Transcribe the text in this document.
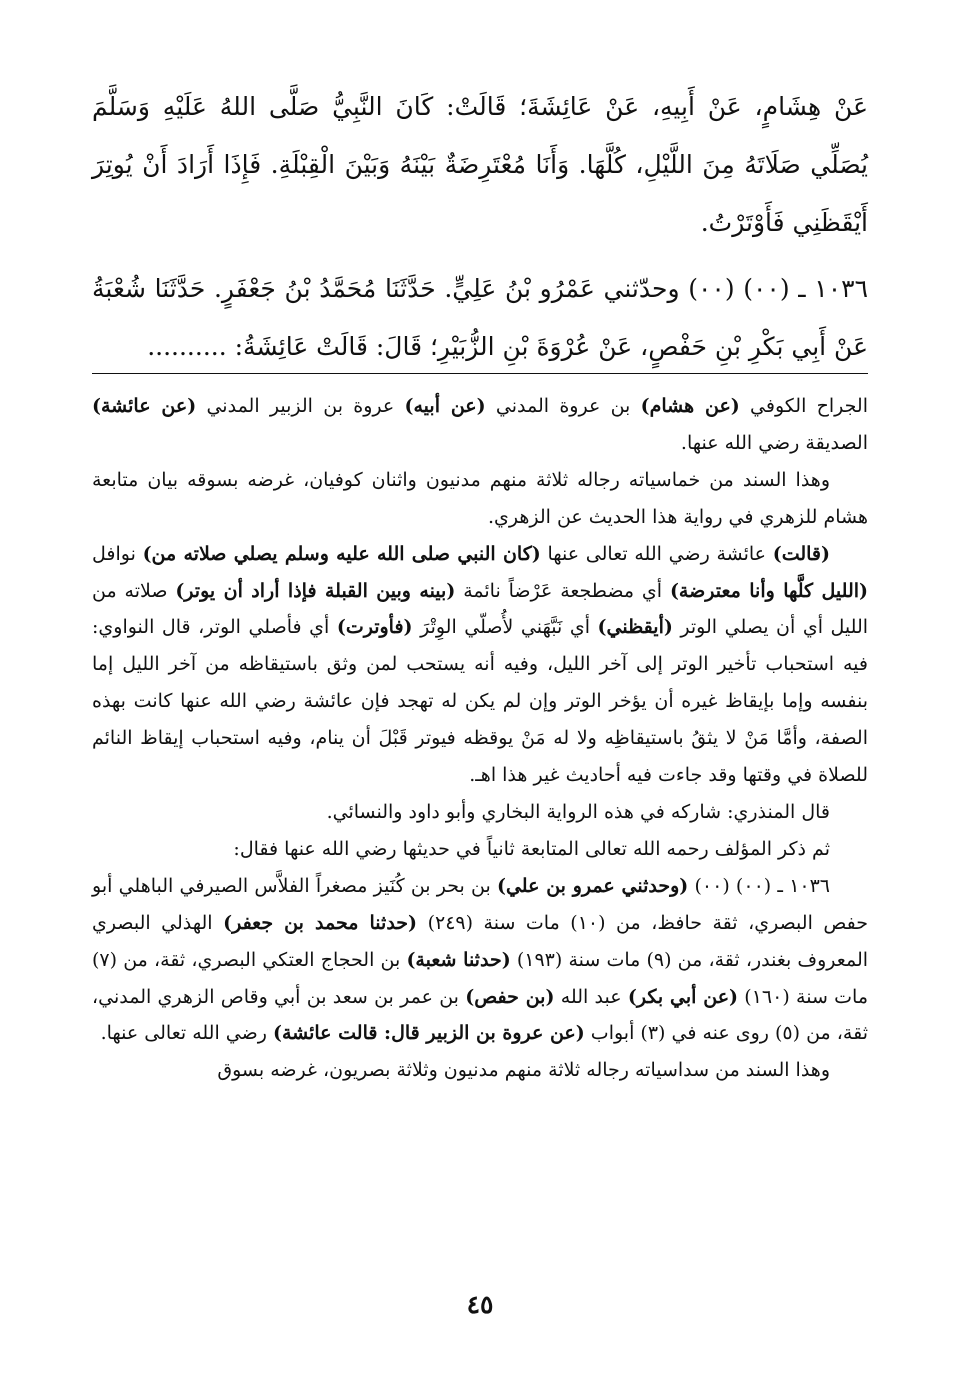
عَنْ هِشَامٍ، عَنْ أَبِيهِ، عَنْ عَائِشَةَ؛ قَالَتْ: كَانَ النَّبِيُّ صَلَّى اللهُ عَلَيْهِ وَسَلَّمَ يُصَلِّي صَلَاتَهُ مِنَ اللَّيْلِ، كُلَّهَا. وَأَنَا مُعْتَرِضَةٌ بَيْنَهُ وَبَيْنَ الْقِبْلَةِ. فَإِذَا أَرَادَ أَنْ يُوتِرَ أَيْقَظَنِي فَأَوْتَرْتُ.

١٠٣٦ ـ (٠٠) (٠٠) وحدّثني عَمْرُو بْنُ عَلِيٍّ. حَدَّثَنَا مُحَمَّدُ بْنُ جَعْفَرٍ. حَدَّثَنَا شُعْبَةُ عَنْ أَبِي بَكْرِ بْنِ حَفْصٍ، عَنْ عُرْوَةَ بْنِ الزُّبَيْرِ؛ قَالَ: قَالَتْ عَائِشَةُ: ..........

الجراح الكوفي (عن هشام) بن عروة المدني (عن أبيه) عروة بن الزبير المدني (عن عائشة) الصديقة رضي الله عنها.

وهذا السند من خماسياته رجاله ثلاثة منهم مدنيون واثنان كوفيان، غرضه بسوقه بيان متابعة هشام للزهري في رواية هذا الحديث عن الزهري.

(قالت) عائشة رضي الله تعالى عنها (كان النبي صلى الله عليه وسلم يصلي صلاته من) نوافل (الليل كلَّها وأنا معترضة) أي مضطجعة عَرْضاً نائمة (بينه وبين القبلة فإذا أراد أن يوتر) صلاته من الليل أي أن يصلي الوتر (أيقظني) أي نَبَّهَني لأُصلّي الوِتْرَ (فأوترت) أي فأصلي الوتر، قال النواوي: فيه استحباب تأخير الوتر إلى آخر الليل، وفيه أنه يستحب لمن وثق باستيقاظه من آخر الليل إما بنفسه وإما بإيقاظ غيره أن يؤخر الوتر وإن لم يكن له تهجد فإن عائشة رضي الله عنها كانت بهذه الصفة، وأمَّا مَنْ لا يثقُ باستيقاظِه ولا له مَنْ يوقظه فيوتر قَبْلَ أن ينام، وفيه استحباب إيقاظ النائم للصلاة في وقتها وقد جاءت فيه أحاديث غير هذا اهـ.

قال المنذري: شاركه في هذه الرواية البخاري وأبو داود والنسائي.

ثم ذكر المؤلف رحمه الله تعالى المتابعة ثانياً في حديثها رضي الله عنها فقال:

١٠٣٦ ـ (٠٠) (٠٠) (وحدثني عمرو بن علي) بن بحر بن كُنَيز مصغراً الفلاَّس الصيرفي الباهلي أبو حفص البصري، ثقة حافظ، من (١٠) مات سنة (٢٤٩) (حدثنا محمد بن جعفر) الهذلي البصري المعروف بغندر، ثقة، من (٩) مات سنة (١٩٣) (حدثنا شعبة) بن الحجاج العتكي البصري، ثقة، من (٧) مات سنة (١٦٠) (عن أبي بكر) عبد الله (بن حفص) بن عمر بن سعد بن أبي وقاص الزهري المدني، ثقة، من (٥) روى عنه في (٣) أبواب (عن عروة بن الزبير قال: قالت عائشة) رضي الله تعالى عنها.

وهذا السند من سداسياته رجاله ثلاثة منهم مدنيون وثلاثة بصريون، غرضه بسوق

٤٥
